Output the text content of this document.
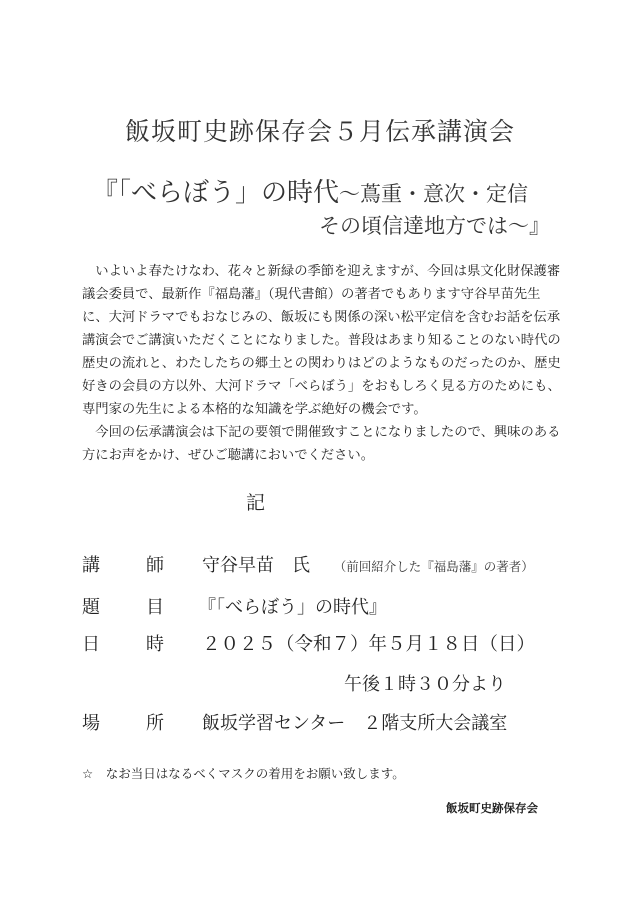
飯坂町史跡保存会５月伝承講演会
『「べらぼう」の時代〜蔦重・意次・定信
その頃信達地方では〜』

いよいよ春たけなわ、花々と新緑の季節を迎えますが、今回は県文化財保護審議会委員で、最新作『福島藩』（現代書館）の著者でもあります守谷早苗先生に、大河ドラマでもおなじみの、飯坂にも関係の深い松平定信を含むお話を伝承講演会でご講演いただくことになりました。普段はあまり知ることのない時代の歴史の流れと、わたしたちの郷土との関わりはどのようなものだったのか、歴史好きの会員の方以外、大河ドラマ「べらぼう」をおもしろく見る方のためにも、専門家の先生による本格的な知識を学ぶ絶好の機会です。

今回の伝承講演会は下記の要領で開催致すことになりましたので、興味のある方にお声をかけ、ぜひご聴講においでください。

記
講	師 守谷早苗　氏 （前回紹介した『福島藩』の著者）
題	目 『「べらぼう」の時代』
日	時 ２０２５（令和７）年５月１８日（日）
午後１時３０分より
場	所 飯坂学習センター　２階支所大会議室
☆　なお当日はなるべくマスクの着用をお願い致します。
飯坂町史跡保存会
